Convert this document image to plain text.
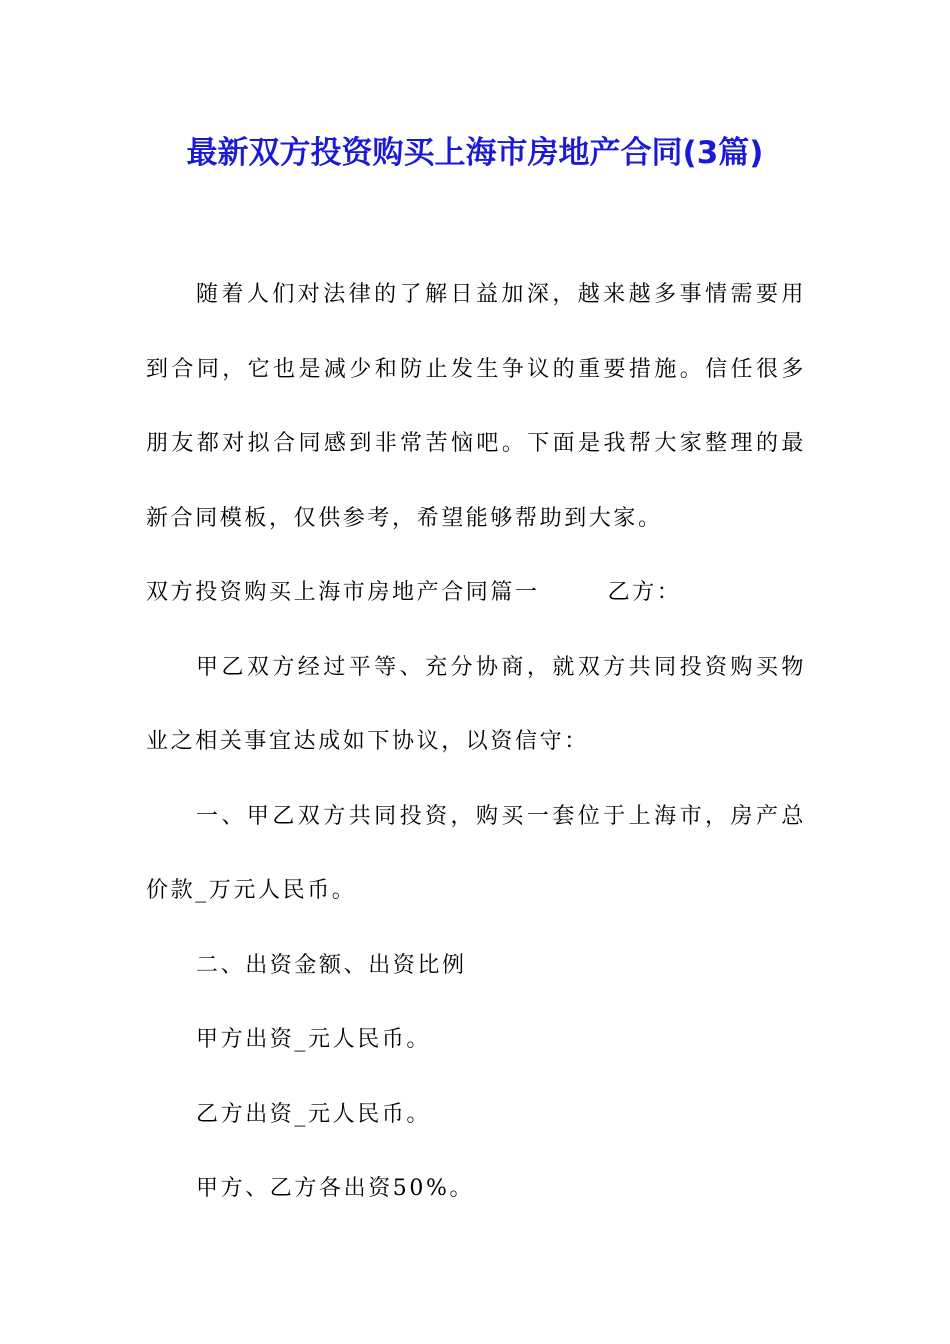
最新双方投资购买上海市房地产合同(3篇)

随着人们对法律的了解日益加深，越来越多事情需要用到合同，它也是减少和防止发生争议的重要措施。信任很多朋友都对拟合同感到非常苦恼吧。下面是我帮大家整理的最新合同模板，仅供参考，希望能够帮助到大家。

双方投资购买上海市房地产合同篇一	乙方：

甲乙双方经过平等、充分协商，就双方共同投资购买物业之相关事宜达成如下协议，以资信守：

一、甲乙双方共同投资，购买一套位于上海市，房产总价款_万元人民币。

二、出资金额、出资比例

甲方出资_元人民币。

乙方出资_元人民币。

甲方、乙方各出资50%。
